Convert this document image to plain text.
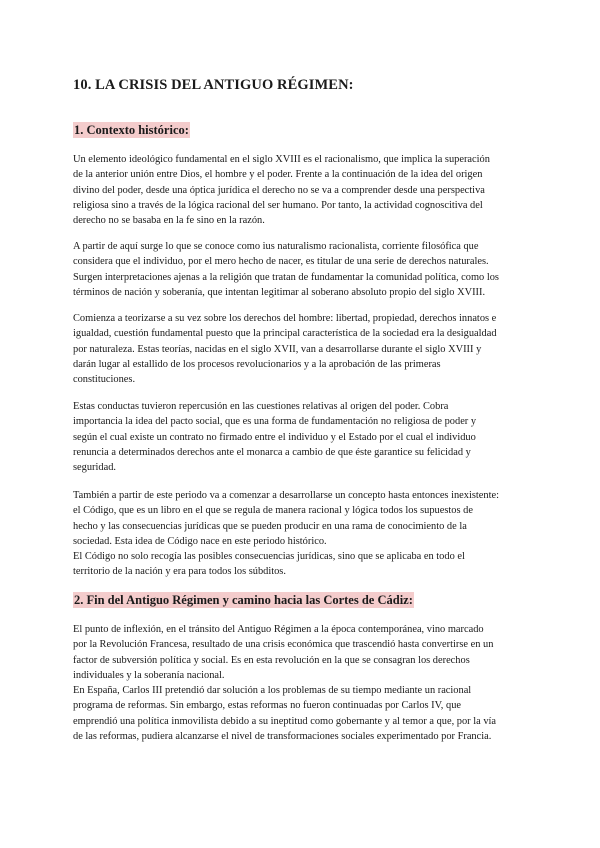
10. LA CRISIS DEL ANTIGUO RÉGIMEN:
1. Contexto histórico:
Un elemento ideológico fundamental en el siglo XVIII es el racionalismo, que implica la superación
de la anterior unión entre Dios, el hombre y el poder. Frente a la continuación de la idea del origen
divino del poder, desde una óptica jurídica el derecho no se va a comprender desde una perspectiva
religiosa sino a través de la lógica racional del ser humano. Por tanto, la actividad cognoscitiva del
derecho no se basaba en la fe sino en la razón.
A partir de aquí surge lo que se conoce como ius naturalismo racionalista, corriente filosófica que
considera que el individuo, por el mero hecho de nacer, es titular de una serie de derechos naturales.
Surgen interpretaciones ajenas a la religión que tratan de fundamentar la comunidad política, como los
términos de nación y soberanía, que intentan legitimar al soberano absoluto propio del siglo XVIII.
Comienza a teorizarse a su vez sobre los derechos del hombre: libertad, propiedad, derechos innatos e
igualdad, cuestión fundamental puesto que la principal característica de la sociedad era la desigualdad
por naturaleza. Estas teorías, nacidas en el siglo XVII, van a desarrollarse durante el siglo XVIII y
darán lugar al estallido de los procesos revolucionarios y a la aprobación de las primeras
constituciones.
Estas conductas tuvieron repercusión en las cuestiones relativas al origen del poder. Cobra
importancia la idea del pacto social, que es una forma de fundamentación no religiosa de poder y
según el cual existe un contrato no firmado entre el individuo y el Estado por el cual el individuo
renuncia a determinados derechos ante el monarca a cambio de que éste garantice su felicidad y
seguridad.
También a partir de este periodo va a comenzar a desarrollarse un concepto hasta entonces inexistente:
el Código, que es un libro en el que se regula de manera racional y lógica todos los supuestos de
hecho y las consecuencias jurídicas que se pueden producir en una rama de conocimiento de la
sociedad. Esta idea de Código nace en este periodo histórico.
El Código no solo recogía las posibles consecuencias jurídicas, sino que se aplicaba en todo el
territorio de la nación y era para todos los súbditos.
2. Fin del Antiguo Régimen y camino hacia las Cortes de Cádiz:
El punto de inflexión, en el tránsito del Antiguo Régimen a la época contemporánea, vino marcado
por la Revolución Francesa, resultado de una crisis económica que trascendió hasta convertirse en un
factor de subversión política y social. Es en esta revolución en la que se consagran los derechos
individuales y la soberanía nacional.
En España, Carlos III pretendió dar solución a los problemas de su tiempo mediante un racional
programa de reformas. Sin embargo, estas reformas no fueron continuadas por Carlos IV, que
emprendió una política inmovilista debido a su ineptitud como gobernante y al temor a que, por la vía
de las reformas, pudiera alcanzarse el nivel de transformaciones sociales experimentado por Francia.
